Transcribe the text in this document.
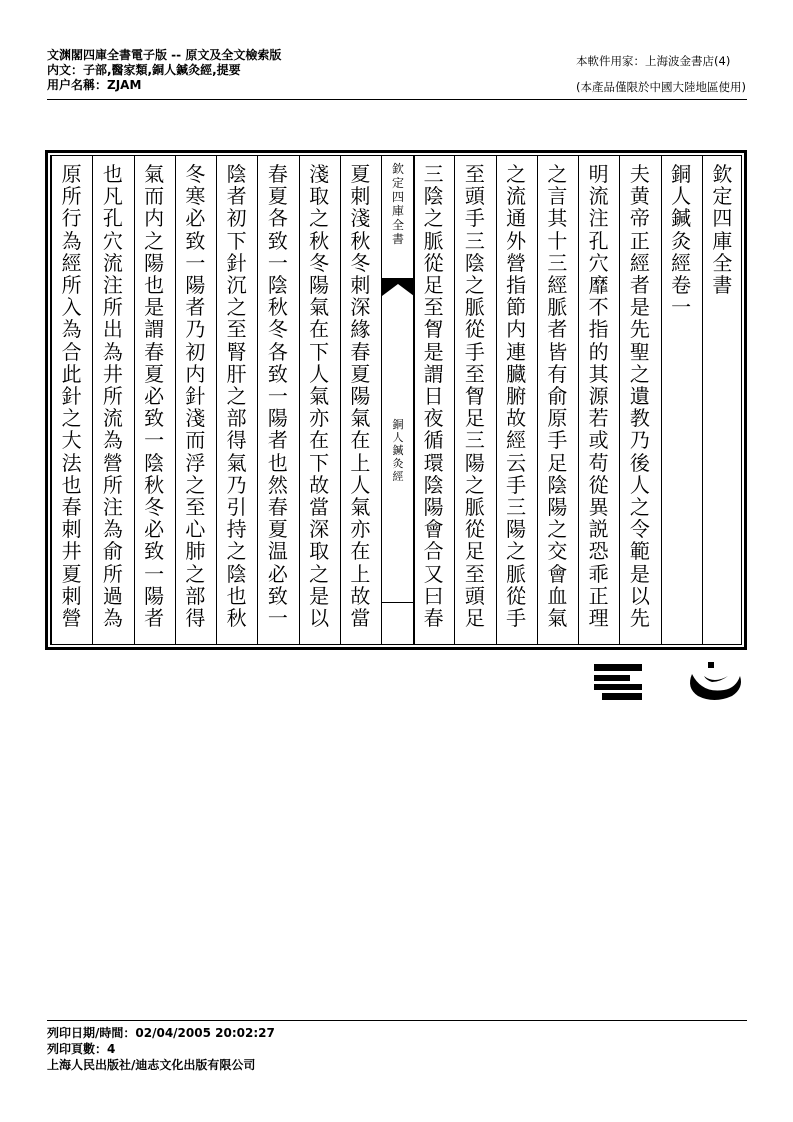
文渊閣四庫全書電子版 -- 原文及全文檢索版
内文：子部,醫家類,銅人鍼灸經,提要
用户名稱：ZJAM
本軟件用家：上海波金書店(4)
(本產品僅限於中國大陸地區使用)
欽
定
四
庫
全
書
銅
人
鍼
灸
經
欽
定
四
庫
全
書
銅
人
鍼
灸
經
卷
一
夫
黄
帝
正
經
者
是
先
聖
之
遺
教
乃
後
人
之
令
範
是
以
先
明
流
注
孔
穴
靡
不
指
的
其
源
若
或
苟
從
異
説
恐
乖
正
理
之
言
其
十
三
經
脈
者
皆
有
俞
原
手
足
陰
陽
之
交
會
血
氣
之
流
通
外
營
指
節
内
連
臓
腑
故
經
云
手
三
陽
之
脈
從
手
至
頭
手
三
陰
之
脈
從
手
至
胷
足
三
陽
之
脈
從
足
至
頭
足
三
陰
之
脈
從
足
至
胷
是
謂
日
夜
循
環
陰
陽
會
合
又
曰
春
夏
刺
淺
秋
冬
刺
深
緣
春
夏
陽
氣
在
上
人
氣
亦
在
上
故
當
淺
取
之
秋
冬
陽
氣
在
下
人
氣
亦
在
下
故
當
深
取
之
是
以
春
夏
各
致
一
陰
秋
冬
各
致
一
陽
者
也
然
春
夏
温
必
致
一
陰
者
初
下
針
沉
之
至
腎
肝
之
部
得
氣
乃
引
持
之
陰
也
秋
冬
寒
必
致
一
陽
者
乃
初
内
針
淺
而
浮
之
至
心
肺
之
部
得
氣
而
内
之
陽
也
是
謂
春
夏
必
致
一
陰
秋
冬
必
致
一
陽
者
也
凡
孔
穴
流
注
所
出
為
井
所
流
為
營
所
注
為
俞
所
過
為
原
所
行
為
經
所
入
為
合
此
針
之
大
法
也
春
刺
井
夏
刺
營
列印日期/時間：02/04/2005 20:02:27
列印頁數：4
上海人民出版社/迪志文化出版有限公司
